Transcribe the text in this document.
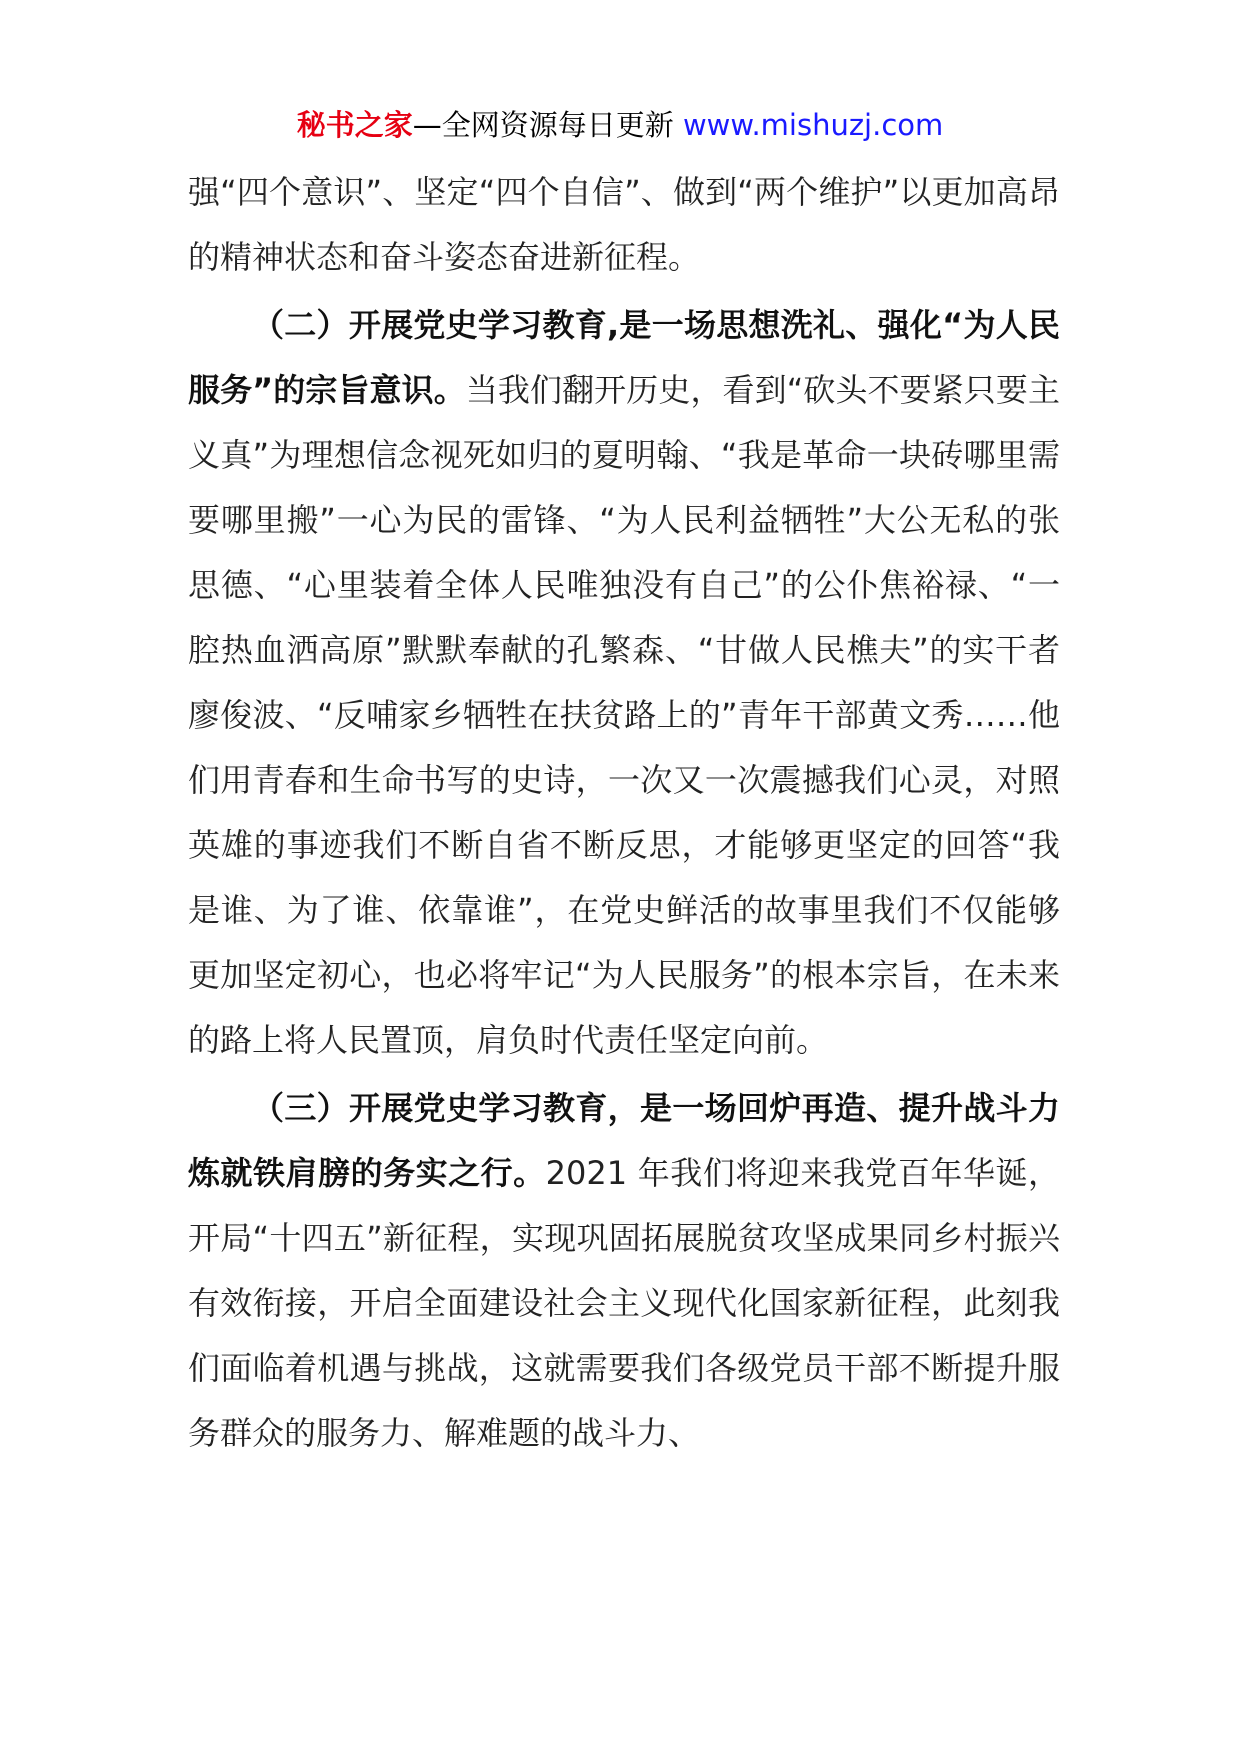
秘书之家—全网资源每日更新 www.mishuzj.com

强“四个意识”、坚定“四个自信”、做到“两个维护”以更加高昂的精神状态和奋斗姿态奋进新征程。

（二）开展党史学习教育,是一场思想洗礼、强化“为人民服务”的宗旨意识。当我们翻开历史，看到“砍头不要紧只要主义真”为理想信念视死如归的夏明翰、“我是革命一块砖哪里需要哪里搬”一心为民的雷锋、“为人民利益牺牲”大公无私的张思德、“心里装着全体人民唯独没有自己”的公仆焦裕禄、“一腔热血洒高原”默默奉献的孔繁森、“甘做人民樵夫”的实干者廖俊波、“反哺家乡牺牲在扶贫路上的”青年干部黄文秀……他们用青春和生命书写的史诗，一次又一次震撼我们心灵，对照英雄的事迹我们不断自省不断反思，才能够更坚定的回答“我是谁、为了谁、依靠谁”，在党史鲜活的故事里我们不仅能够更加坚定初心，也必将牢记“为人民服务”的根本宗旨，在未来的路上将人民置顶，肩负时代责任坚定向前。

（三）开展党史学习教育，是一场回炉再造、提升战斗力炼就铁肩膀的务实之行。2021 年我们将迎来我党百年华诞，开局“十四五”新征程，实现巩固拓展脱贫攻坚成果同乡村振兴有效衔接，开启全面建设社会主义现代化国家新征程，此刻我们面临着机遇与挑战，这就需要我们各级党员干部不断提升服务群众的服务力、解难题的战斗力、
